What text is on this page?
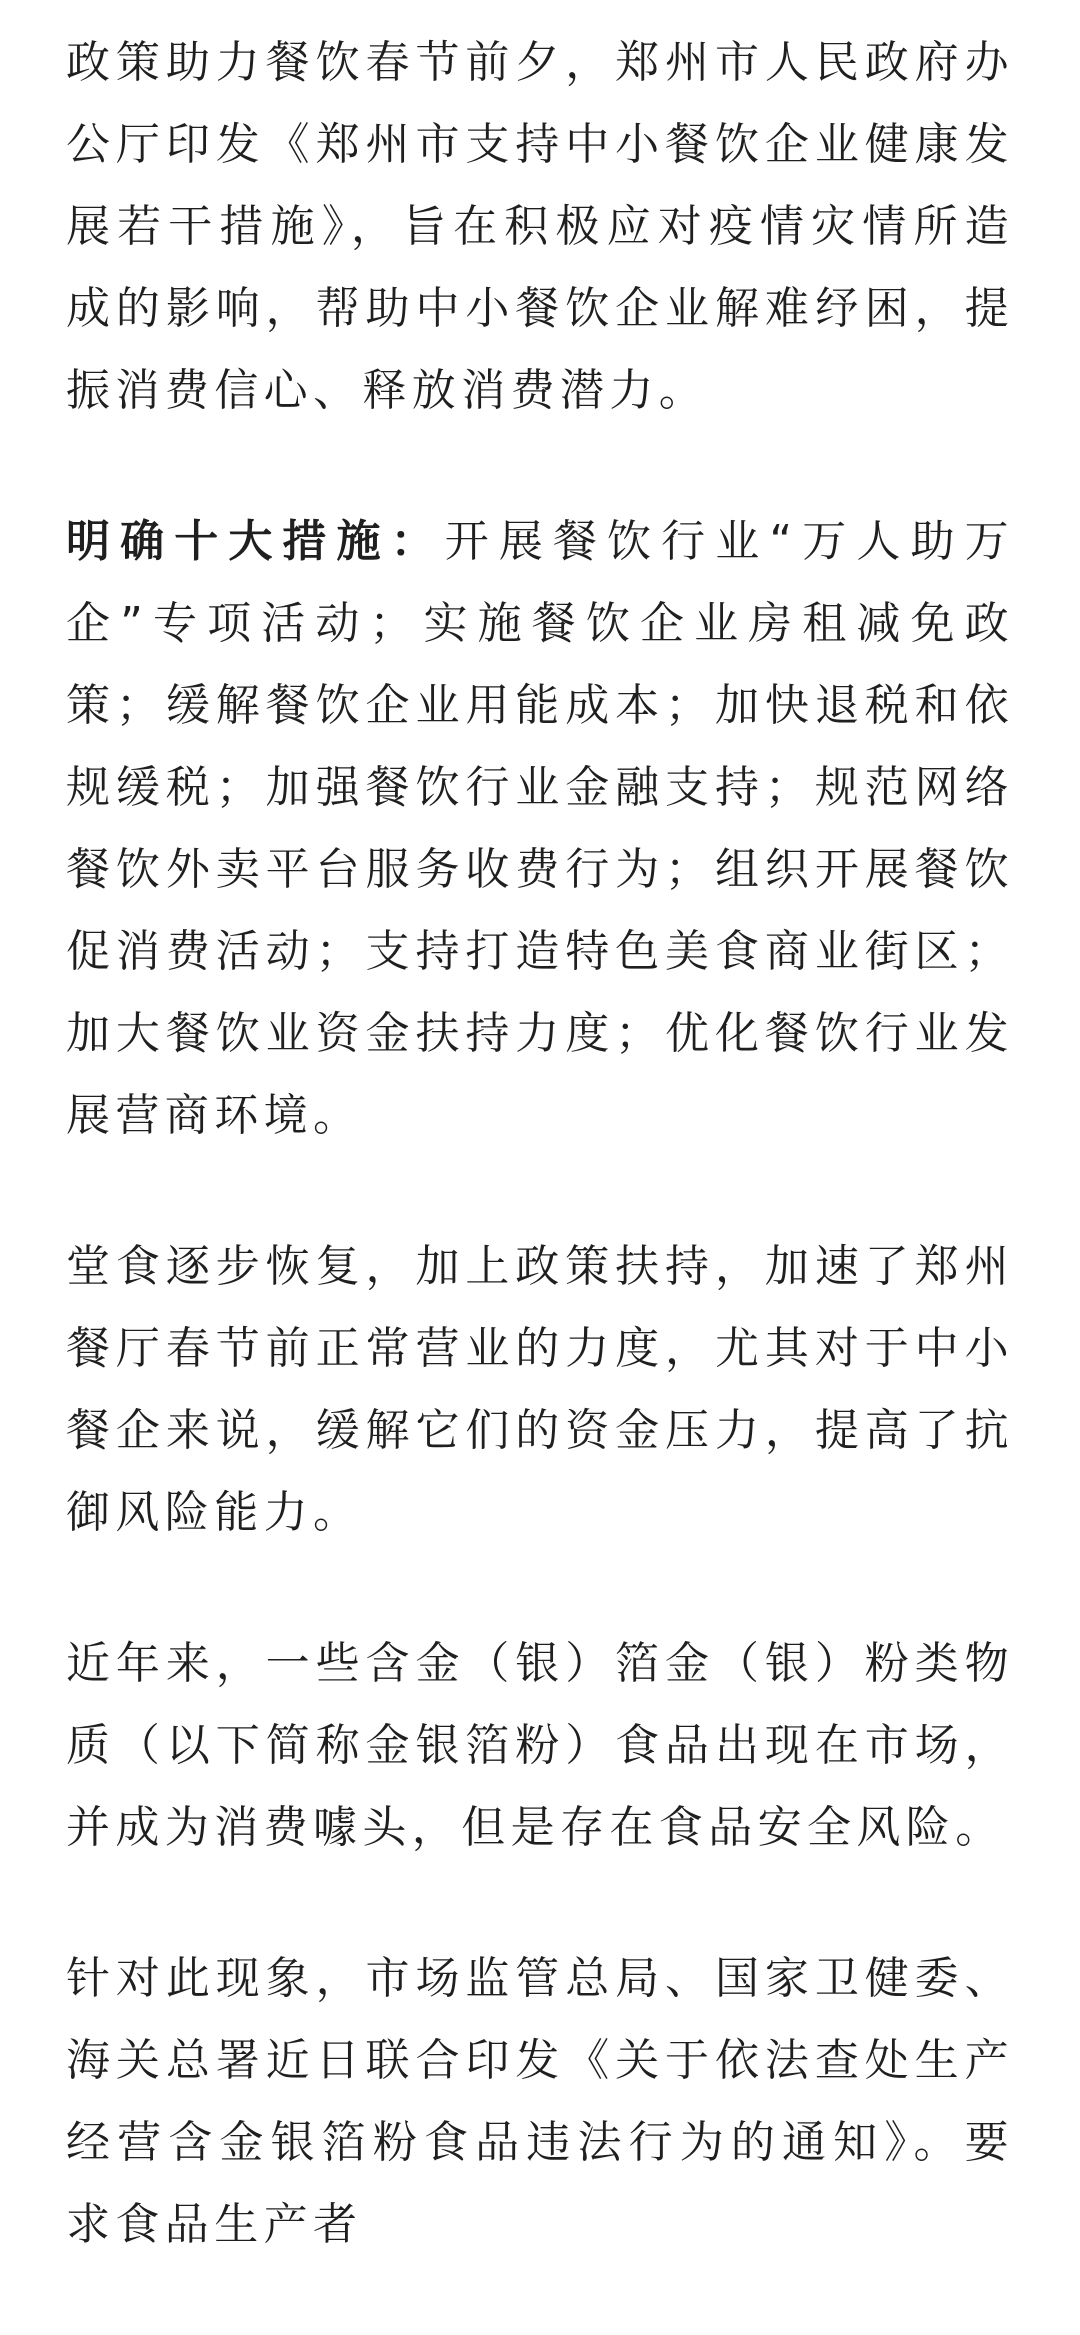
政策助力餐饮春节前夕，郑州市人民政府办公厅印发《郑州市支持中小餐饮企业健康发展若干措施》，旨在积极应对疫情灾情所造成的影响，帮助中小餐饮企业解难纾困，提振消费信心、释放消费潜力。

明确十大措施：开展餐饮行业“万人助万企”专项活动；实施餐饮企业房租减免政策；缓解餐饮企业用能成本；加快退税和依规缓税；加强餐饮行业金融支持；规范网络餐饮外卖平台服务收费行为；组织开展餐饮促消费活动；支持打造特色美食商业街区；加大餐饮业资金扶持力度；优化餐饮行业发展营商环境。

堂食逐步恢复，加上政策扶持，加速了郑州餐厅春节前正常营业的力度，尤其对于中小餐企来说，缓解它们的资金压力，提高了抗御风险能力。

近年来，一些含金（银）箔金（银）粉类物质（以下简称金银箔粉）食品出现在市场，并成为消费噱头，但是存在食品安全风险。

针对此现象，市场监管总局、国家卫健委、海关总署近日联合印发《关于依法查处生产经营含金银箔粉食品违法行为的通知》。要求食品生产者
